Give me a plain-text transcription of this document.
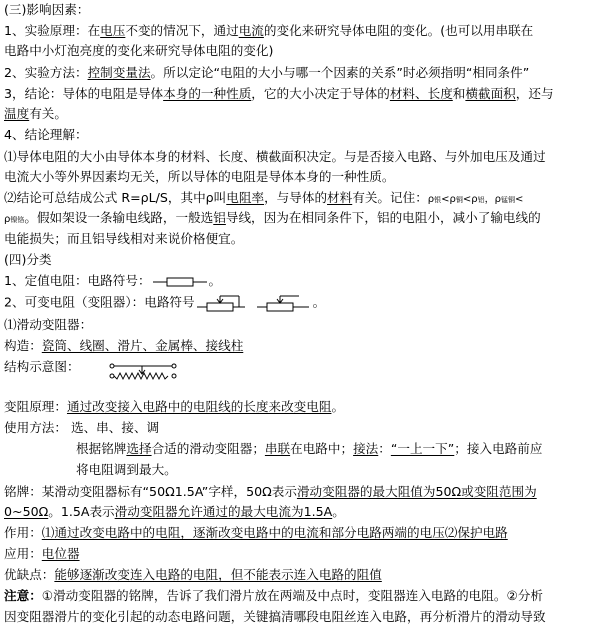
(三)影响因素：
1、实验原理：在电压不变的情况下，通过电流的变化来研究导体电阻的变化。(也可以用串联在
电路中小灯泡亮度的变化来研究导体电阻的变化)
2、实验方法：控制变量法。所以定论“电阻的大小与哪一个因素的关系”时必须指明“相同条件”
3，结论：导体的电阻是导体本身的一种性质，它的大小决定于导体的材料、长度和横截面积，还与
温度有关。
4、结论理解：
⑴导体电阻的大小由导体本身的材料、长度、横截面积决定。与是否接入电路、与外加电压及通过
电流大小等外界因素均无关，所以导体的电阻是导体本身的一种性质。
⑵结论可总结成公式 R=ρL/S，其中ρ叫电阻率，与导体的材料有关。记住：ρ银<ρ铜<ρ铝，ρ锰铜<
ρ镍铬。假如架设一条输电线路，一般选铝导线，因为在相同条件下，铝的电阻小，减小了输电线的
电能损失；而且铝导线相对来说价格便宜。
(四)分类
1、定值电阻：电路符号：	。
2、可变电阻（变阻器）：电路符号	。
⑴滑动变阻器：
构造：瓷筒、线圈、滑片、金属棒、接线柱
结构示意图：
变阻原理：通过改变接入电路中的电阻线的长度来改变电阻。
使用方法： 选、串、接、调
根据铭牌选择合适的滑动变阻器；串联在电路中；接法：“一上一下”；接入电路前应
将电阻调到最大。
铭牌：某滑动变阻器标有“50Ω1.5A”字样，50Ω表示滑动变阻器的最大阻值为50Ω或变阻范围为
0~50Ω。1.5A表示滑动变阻器允许通过的最大电流为1.5A。
作用：⑴通过改变电路中的电阻，逐渐改变电路中的电流和部分电路两端的电压⑵保护电路
应用：电位器
优缺点：能够逐渐改变连入电路的电阻，但不能表示连入电路的阻值
注意：①滑动变阻器的铭牌，告诉了我们滑片放在两端及中点时，变阻器连入电路的电阻。②分析
因变阻器滑片的变化引起的动态电路问题，关键搞清哪段电阻丝连入电路，再分析滑片的滑动导致
